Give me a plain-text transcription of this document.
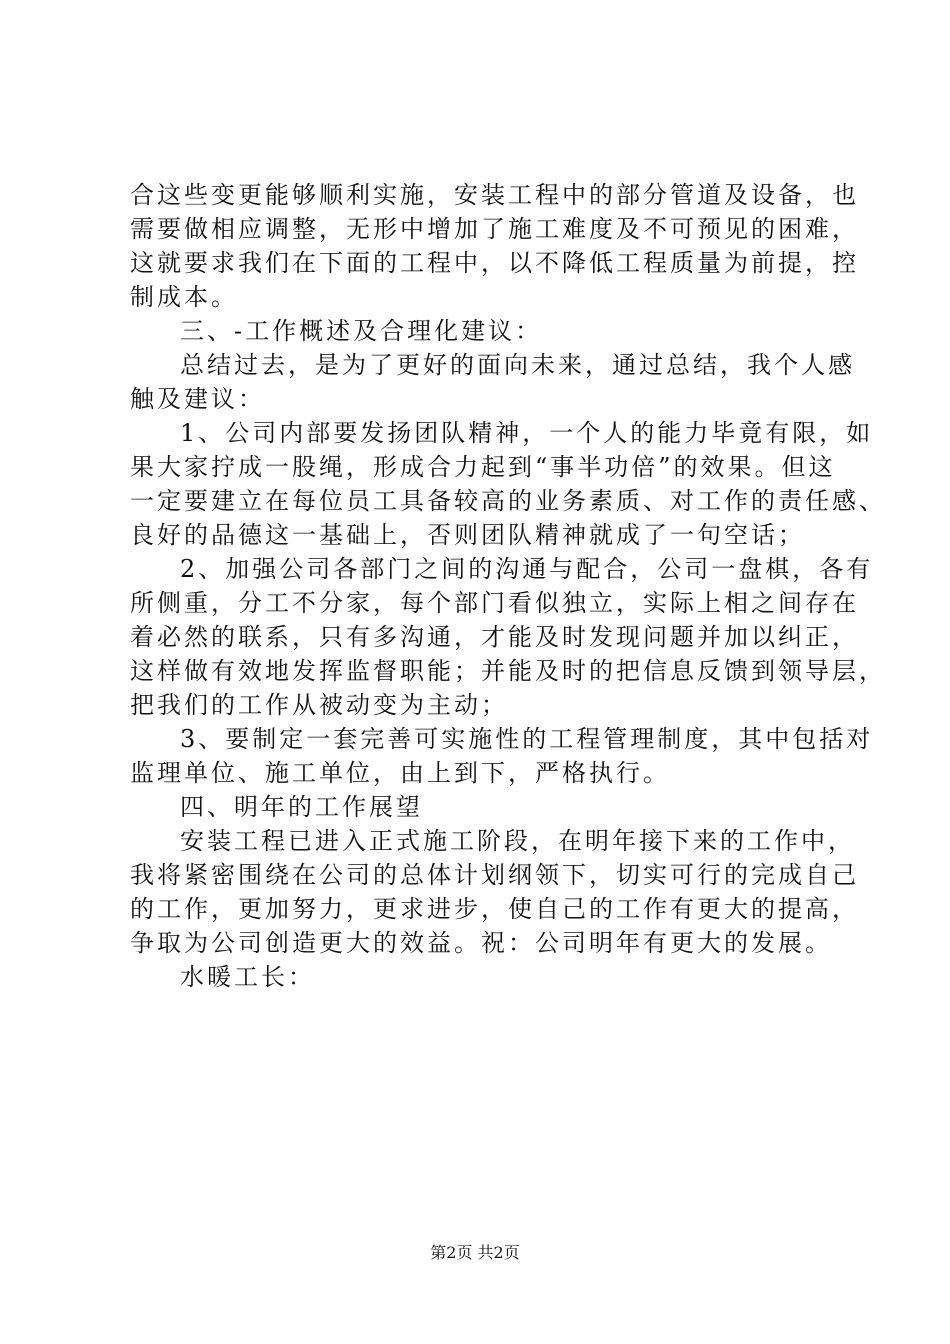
合这些变更能够顺利实施，安装工程中的部分管道及设备，也
需要做相应调整，无形中增加了施工难度及不可预见的困难，
这就要求我们在下面的工程中，以不降低工程质量为前提，控
制成本。
三、-工作概述及合理化建议：
总结过去，是为了更好的面向未来，通过总结，我个人感
触及建议：
1、公司内部要发扬团队精神，一个人的能力毕竟有限，如
果大家拧成一股绳，形成合力起到“事半功倍”的效果。但这
一定要建立在每位员工具备较高的业务素质、对工作的责任感、
良好的品德这一基础上，否则团队精神就成了一句空话；
2、加强公司各部门之间的沟通与配合，公司一盘棋，各有
所侧重，分工不分家，每个部门看似独立，实际上相之间存在
着必然的联系，只有多沟通，才能及时发现问题并加以纠正，
这样做有效地发挥监督职能；并能及时的把信息反馈到领导层，
把我们的工作从被动变为主动；
3、要制定一套完善可实施性的工程管理制度，其中包括对
监理单位、施工单位，由上到下，严格执行。
四、明年的工作展望
安装工程已进入正式施工阶段，在明年接下来的工作中，
我将紧密围绕在公司的总体计划纲领下，切实可行的完成自己
的工作，更加努力，更求进步，使自己的工作有更大的提高，
争取为公司创造更大的效益。祝：公司明年有更大的发展。
水暖工长：
第2页 共2页
